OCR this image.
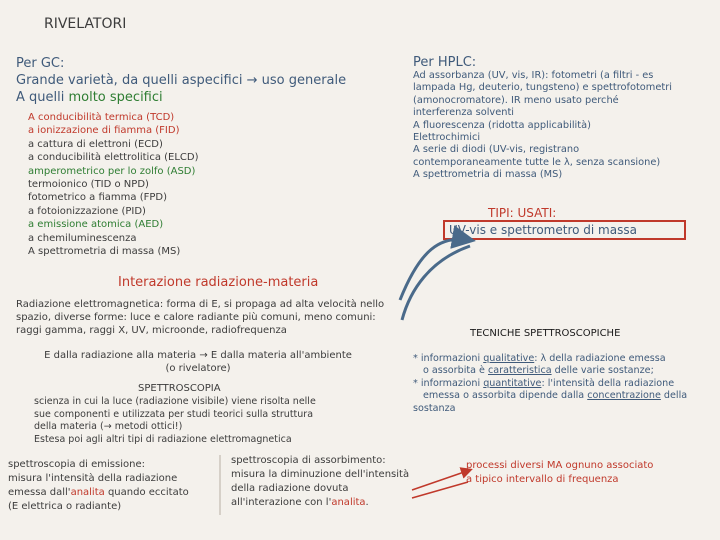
RIVELATORI
Per GC:
Grande varietà, da quelli aspecifici → uso generale
A quelli molto specifici
A conducibilità termica (TCD)
a ionizzazione di fiamma (FID)
a cattura di elettroni (ECD)
a conducibilità elettrolitica (ELCD)
amperometrico per lo zolfo (ASD)
termoionico (TID o NPD)
fotometrico a fiamma (FPD)
a fotoionizzazione (PID)
a emissione atomica (AED)
a chemiluminescenza
A spettrometria di massa (MS)
Per HPLC:
Ad assorbanza (UV, vis, IR): fotometri (a filtri - es
lampada Hg, deuterio, tungsteno) e spettrofotometri
(amonocromatore). IR meno usato perché
interferenza solventi
A fluorescenza (ridotta applicabilità)
Elettrochimici
A serie di diodi (UV-vis, registrano
contemporaneamente tutte le λ, senza scansione)
A spettrometria di massa (MS)
TIPI: USATI:
UV-vis e spettrometro di massa
Interazione radiazione-materia
Radiazione elettromagnetica: forma di E, si propaga ad alta velocità nello spazio, diverse forme: luce e calore radiante più comuni, meno comuni: raggi gamma, raggi X, UV, microonde, radiofrequenza
E dalla radiazione alla materia → E dalla materia all'ambiente
(o rivelatore)
SPETTROSCOPIA
scienza in cui la luce (radiazione visibile) viene risolta nelle
sue componenti e utilizzata per studi teorici sulla struttura
della materia (→ metodi ottici!)
Estesa poi agli altri tipi di radiazione elettromagnetica
TECNICHE SPETTROSCOPICHE
* informazioni qualitative: λ della radiazione emessa
o assorbita è caratteristica delle varie sostanze;
* informazioni quantitative: l'intensità della radiazione
emessa o assorbita dipende dalla concentrazione della
sostanza
spettroscopia di emissione:
misura l'intensità della radiazione
emessa dall'analita quando eccitato
(E elettrica o radiante)
spettroscopia di assorbimento:
misura la diminuzione dell'intensità
della radiazione dovuta
all'interazione con l'analita.
processi diversi MA ognuno associato
a tipico intervallo di frequenza
